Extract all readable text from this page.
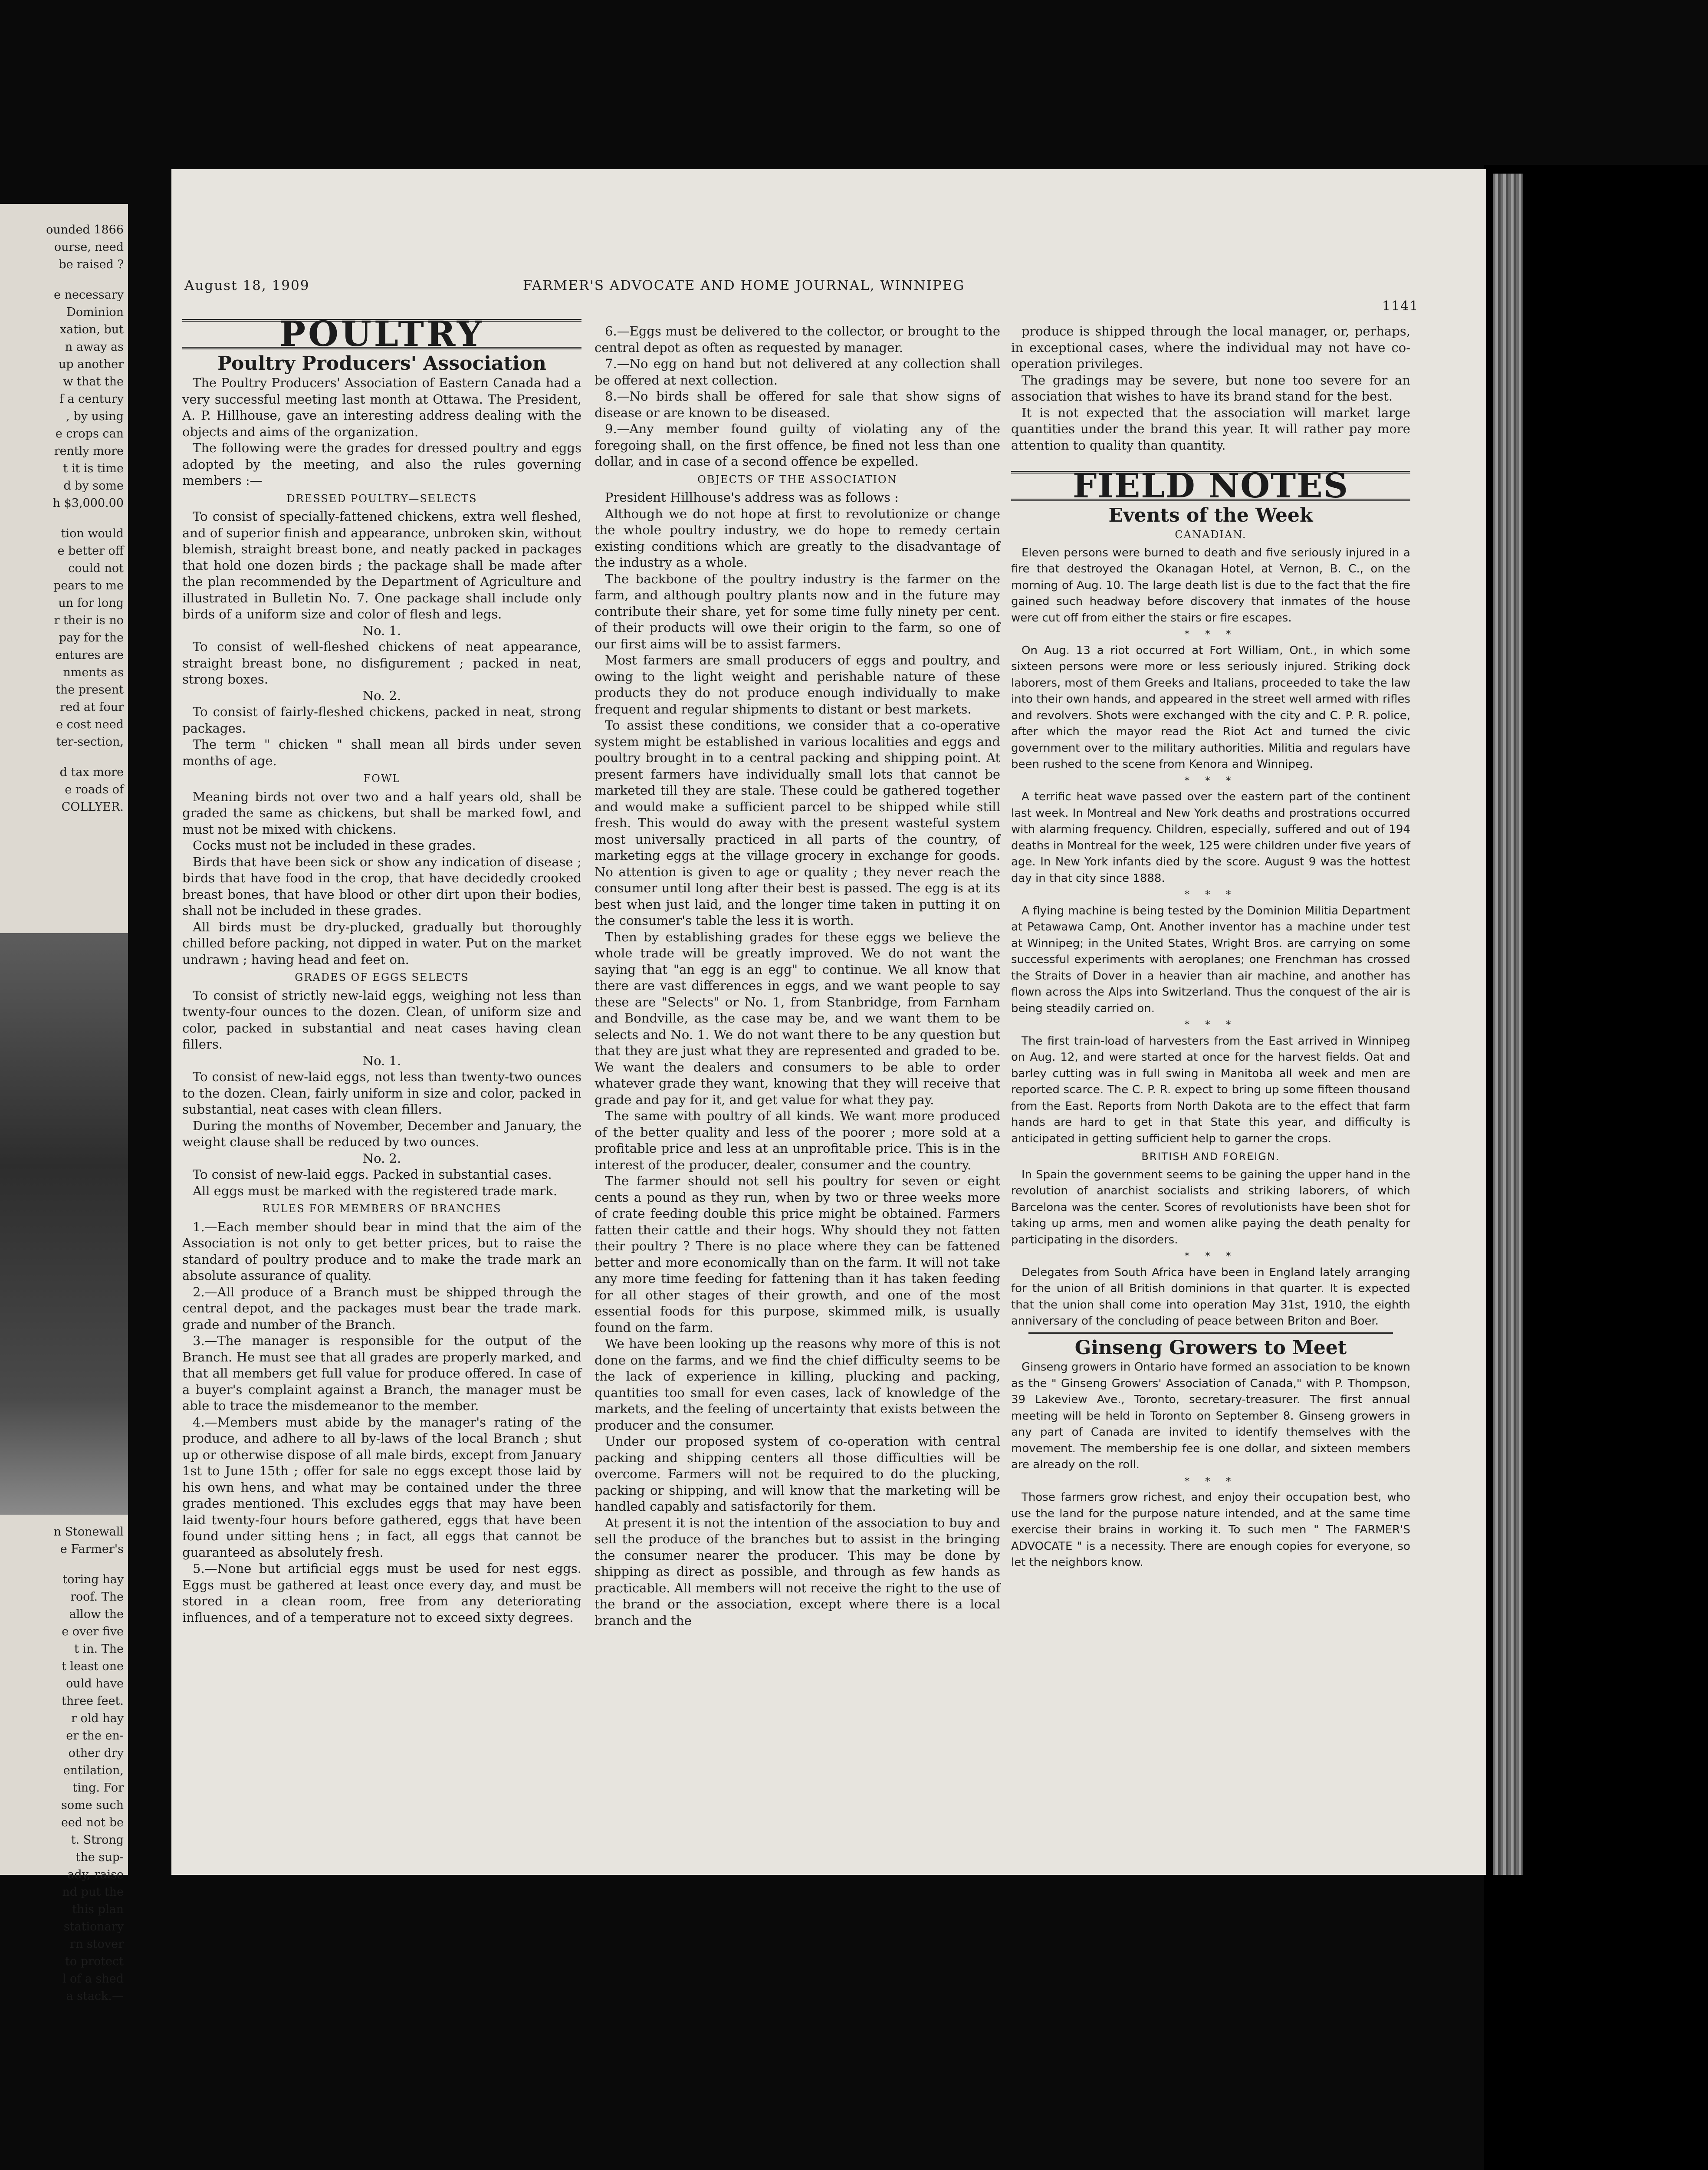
ounded 1866
ourse, need
be raised ?
e necessary
Dominion
xation, but
n away as
up another
w that the
f a century
, by using
e crops can
rently more
t it is time
d by some
h $3,000.00
tion would
e better off
could not
pears to me
un for long
r their is no
pay for the
entures are
nments as
the present
red at four
e cost need
ter-section,
d tax more
e roads of
COLLYER.
n Stonewall
e Farmer's
toring hay
roof. The
allow the
e over five
t in. The
t least one
ould have
three feet.
r old hay
er the en-
other dry
entilation,
ting. For
some such
eed not be
t. Strong
the sup-
ady, raise
nd put the
this plan
stationary
rn stover
to protect
l of a shed
a stack.—
August 18, 1909	FARMER'S ADVOCATE AND HOME JOURNAL, WINNIPEG
1141
POULTRY

Poultry Producers' Association

The Poultry Producers' Association of Eastern Canada had a very successful meeting last month at Ottawa. The President, A. P. Hillhouse, gave an interesting address dealing with the objects and aims of the organization.

The following were the grades for dressed poultry and eggs adopted by the meeting, and also the rules governing members :—

DRESSED POULTRY—SELECTS

To consist of specially-fattened chickens, extra well fleshed, and of superior finish and appearance, unbroken skin, without blemish, straight breast bone, and neatly packed in packages that hold one dozen birds ; the package shall be made after the plan recommended by the Department of Agriculture and illustrated in Bulletin No. 7. One package shall include only birds of a uniform size and color of flesh and legs.

No. 1.

To consist of well-fleshed chickens of neat appearance, straight breast bone, no disfigurement ; packed in neat, strong boxes.

No. 2.

To consist of fairly-fleshed chickens, packed in neat, strong packages.

The term " chicken " shall mean all birds under seven months of age.

FOWL

Meaning birds not over two and a half years old, shall be graded the same as chickens, but shall be marked fowl, and must not be mixed with chickens.

Cocks must not be included in these grades.

Birds that have been sick or show any indication of disease ; birds that have food in the crop, that have decidedly crooked breast bones, that have blood or other dirt upon their bodies, shall not be included in these grades.

All birds must be dry-plucked, gradually but thoroughly chilled before packing, not dipped in water. Put on the market undrawn ; having head and feet on.

GRADES OF EGGS SELECTS

To consist of strictly new-laid eggs, weighing not less than twenty-four ounces to the dozen. Clean, of uniform size and color, packed in substantial and neat cases having clean fillers.

No. 1.

To consist of new-laid eggs, not less than twenty-two ounces to the dozen. Clean, fairly uniform in size and color, packed in substantial, neat cases with clean fillers.

During the months of November, December and January, the weight clause shall be reduced by two ounces.

No. 2.

To consist of new-laid eggs. Packed in substantial cases.

All eggs must be marked with the registered trade mark.

RULES FOR MEMBERS OF BRANCHES

1.—Each member should bear in mind that the aim of the Association is not only to get better prices, but to raise the standard of poultry produce and to make the trade mark an absolute assurance of quality.

2.—All produce of a Branch must be shipped through the central depot, and the packages must bear the trade mark. grade and number of the Branch.

3.—The manager is responsible for the output of the Branch. He must see that all grades are properly marked, and that all members get full value for produce offered. In case of a buyer's complaint against a Branch, the manager must be able to trace the misdemeanor to the member.

4.—Members must abide by the manager's rating of the produce, and adhere to all by-laws of the local Branch ; shut up or otherwise dispose of all male birds, except from January 1st to June 15th ; offer for sale no eggs except those laid by his own hens, and what may be contained under the three grades mentioned. This excludes eggs that may have been laid twenty-four hours before gathered, eggs that have been found under sitting hens ; in fact, all eggs that cannot be guaranteed as absolutely fresh.

5.—None but artificial eggs must be used for nest eggs. Eggs must be gathered at least once every day, and must be stored in a clean room, free from any deteriorating influences, and of a temperature not to exceed sixty degrees.

6.—Eggs must be delivered to the collector, or brought to the central depot as often as requested by manager.

7.—No egg on hand but not delivered at any collection shall be offered at next collection.

8.—No birds shall be offered for sale that show signs of disease or are known to be diseased.

9.—Any member found guilty of violating any of the foregoing shall, on the first offence, be fined not less than one dollar, and in case of a second offence be expelled.

OBJECTS OF THE ASSOCIATION

President Hillhouse's address was as follows :

Although we do not hope at first to revolutionize or change the whole poultry industry, we do hope to remedy certain existing conditions which are greatly to the disadvantage of the industry as a whole.

The backbone of the poultry industry is the farmer on the farm, and although poultry plants now and in the future may contribute their share, yet for some time fully ninety per cent. of their products will owe their origin to the farm, so one of our first aims will be to assist farmers.

Most farmers are small producers of eggs and poultry, and owing to the light weight and perishable nature of these products they do not produce enough individually to make frequent and regular shipments to distant or best markets.

To assist these conditions, we consider that a co-operative system might be established in various localities and eggs and poultry brought in to a central packing and shipping point. At present farmers have individually small lots that cannot be marketed till they are stale. These could be gathered together and would make a sufficient parcel to be shipped while still fresh. This would do away with the present wasteful system most universally practiced in all parts of the country, of marketing eggs at the village grocery in exchange for goods. No attention is given to age or quality ; they never reach the consumer until long after their best is passed. The egg is at its best when just laid, and the longer time taken in putting it on the consumer's table the less it is worth.

Then by establishing grades for these eggs we believe the whole trade will be greatly improved. We do not want the saying that "an egg is an egg" to continue. We all know that there are vast differences in eggs, and we want people to say these are "Selects" or No. 1, from Stanbridge, from Farnham and Bondville, as the case may be, and we want them to be selects and No. 1. We do not want there to be any question but that they are just what they are represented and graded to be. We want the dealers and consumers to be able to order whatever grade they want, knowing that they will receive that grade and pay for it, and get value for what they pay.

The same with poultry of all kinds. We want more produced of the better quality and less of the poorer ; more sold at a profitable price and less at an unprofitable price. This is in the interest of the producer, dealer, consumer and the country.

The farmer should not sell his poultry for seven or eight cents a pound as they run, when by two or three weeks more of crate feeding double this price might be obtained. Farmers fatten their cattle and their hogs. Why should they not fatten their poultry ? There is no place where they can be fattened better and more economically than on the farm. It will not take any more time feeding for fattening than it has taken feeding for all other stages of their growth, and one of the most essential foods for this purpose, skimmed milk, is usually found on the farm.

We have been looking up the reasons why more of this is not done on the farms, and we find the chief difficulty seems to be the lack of experience in killing, plucking and packing, quantities too small for even cases, lack of knowledge of the markets, and the feeling of uncertainty that exists between the producer and the consumer.

Under our proposed system of co-operation with central packing and shipping centers all those difficulties will be overcome. Farmers will not be required to do the plucking, packing or shipping, and will know that the marketing will be handled capably and satisfactorily for them.

At present it is not the intention of the association to buy and sell the produce of the branches but to assist in the bringing the consumer nearer the producer. This may be done by shipping as direct as possible, and through as few hands as practicable. All members will not receive the right to the use of the brand or the association, except where there is a local branch and the

produce is shipped through the local manager, or, perhaps, in exceptional cases, where the individual may not have co-operation privileges.

The gradings may be severe, but none too severe for an association that wishes to have its brand stand for the best.

It is not expected that the association will market large quantities under the brand this year. It will rather pay more attention to quality than quantity.

FIELD NOTES

Events of the Week

CANADIAN.

Eleven persons were burned to death and five seriously injured in a fire that destroyed the Okanagan Hotel, at Vernon, B. C., on the morning of Aug. 10. The large death list is due to the fact that the fire gained such headway before discovery that inmates of the house were cut off from either the stairs or fire escapes.

* * *

On Aug. 13 a riot occurred at Fort William, Ont., in which some sixteen persons were more or less seriously injured. Striking dock laborers, most of them Greeks and Italians, proceeded to take the law into their own hands, and appeared in the street well armed with rifles and revolvers. Shots were exchanged with the city and C. P. R. police, after which the mayor read the Riot Act and turned the civic government over to the military authorities. Militia and regulars have been rushed to the scene from Kenora and Winnipeg.

* * *

A terrific heat wave passed over the eastern part of the continent last week. In Montreal and New York deaths and prostrations occurred with alarming frequency. Children, especially, suffered and out of 194 deaths in Montreal for the week, 125 were children under five years of age. In New York infants died by the score. August 9 was the hottest day in that city since 1888.

* * *

A flying machine is being tested by the Dominion Militia Department at Petawawa Camp, Ont. Another inventor has a machine under test at Winnipeg; in the United States, Wright Bros. are carrying on some successful experiments with aeroplanes; one Frenchman has crossed the Straits of Dover in a heavier than air machine, and another has flown across the Alps into Switzerland. Thus the conquest of the air is being steadily carried on.

* * *

The first train-load of harvesters from the East arrived in Winnipeg on Aug. 12, and were started at once for the harvest fields. Oat and barley cutting was in full swing in Manitoba all week and men are reported scarce. The C. P. R. expect to bring up some fifteen thousand from the East. Reports from North Dakota are to the effect that farm hands are hard to get in that State this year, and difficulty is anticipated in getting sufficient help to garner the crops.

BRITISH AND FOREIGN.

In Spain the government seems to be gaining the upper hand in the revolution of anarchist socialists and striking laborers, of which Barcelona was the center. Scores of revolutionists have been shot for taking up arms, men and women alike paying the death penalty for participating in the disorders.

* * *

Delegates from South Africa have been in England lately arranging for the union of all British dominions in that quarter. It is expected that the union shall come into operation May 31st, 1910, the eighth anniversary of the concluding of peace between Briton and Boer.

Ginseng Growers to Meet

Ginseng growers in Ontario have formed an association to be known as the " Ginseng Growers' Association of Canada," with P. Thompson, 39 Lakeview Ave., Toronto, secretary-treasurer. The first annual meeting will be held in Toronto on September 8. Ginseng growers in any part of Canada are invited to identify themselves with the movement. The membership fee is one dollar, and sixteen members are already on the roll.

* * *

Those farmers grow richest, and enjoy their occupation best, who use the land for the purpose nature intended, and at the same time exercise their brains in working it. To such men " The FARMER'S ADVOCATE " is a necessity. There are enough copies for everyone, so let the neighbors know.
